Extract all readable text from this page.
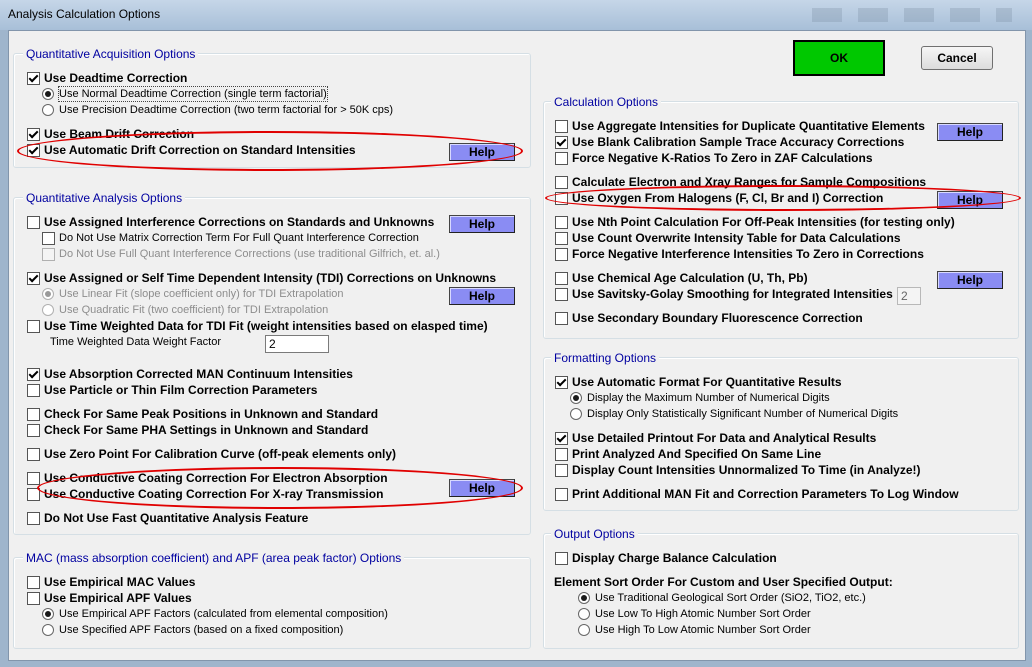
Analysis Calculation Options
OK	Cancel
Quantitative Acquisition Options
Use Deadtime Correction
Use Normal Deadtime Correction (single term factorial)
Use Precision Deadtime Correction (two term factorial for > 50K cps)
Use Beam Drift Correction
Use Automatic Drift Correction on Standard Intensities	Help
Quantitative Analysis Options
Use Assigned Interference Corrections on Standards and Unknowns	Help
Do Not Use Matrix Correction Term For Full Quant Interference Correction
Do Not Use Full Quant Interference Corrections (use traditional Gilfrich, et. al.)
Use Assigned or Self Time Dependent Intensity (TDI) Corrections on Unknowns
Use Linear Fit (slope coefficient only) for TDI Extrapolation	Help
Use Quadratic Fit (two coefficient) for TDI Extrapolation
Use Time Weighted Data for TDI Fit (weight intensities based on elasped time)
Time Weighted Data Weight Factor	2
Use Absorption Corrected MAN Continuum Intensities
Use Particle or Thin Film Correction Parameters
Check For Same Peak Positions in Unknown and Standard
Check For Same PHA Settings in Unknown and Standard
Use Zero Point For Calibration Curve (off-peak elements only)
Use Conductive Coating Correction For Electron Absorption
Use Conductive Coating Correction For X-ray Transmission	Help
Do Not Use Fast Quantitative Analysis Feature
MAC (mass absorption coefficient) and APF (area peak factor) Options
Use Empirical MAC Values
Use Empirical APF Values
Use Empirical APF Factors (calculated from elemental composition)
Use Specified APF Factors (based on a fixed composition)
Calculation Options
Use Aggregate Intensities for Duplicate Quantitative Elements	Help
Use Blank Calibration Sample Trace Accuracy Corrections
Force Negative K-Ratios To Zero in ZAF Calculations
Calculate Electron and Xray Ranges for Sample Compositions
Use Oxygen From Halogens (F, Cl, Br and I) Correction	Help
Use Nth Point Calculation For Off-Peak Intensities (for testing only)
Use Count Overwrite Intensity Table for Data Calculations
Force Negative Interference Intensities To Zero in Corrections
Use Chemical Age Calculation (U, Th, Pb)	Help
Use Savitsky-Golay Smoothing for Integrated Intensities 2
Use Secondary Boundary Fluorescence Correction
Formatting Options
Use Automatic Format For Quantitative Results
Display the Maximum Number of Numerical Digits
Display Only Statistically Significant Number of Numerical Digits
Use Detailed Printout For Data and Analytical Results
Print Analyzed And Specified On Same Line
Display Count Intensities Unnormalized To Time (in Analyze!)
Print Additional MAN Fit and Correction Parameters To Log Window
Output Options
Display Charge Balance Calculation
Element Sort Order For Custom and User Specified Output:
Use Traditional Geological Sort Order (SiO2, TiO2, etc.)
Use Low To High Atomic Number Sort Order
Use High To Low Atomic Number Sort Order
